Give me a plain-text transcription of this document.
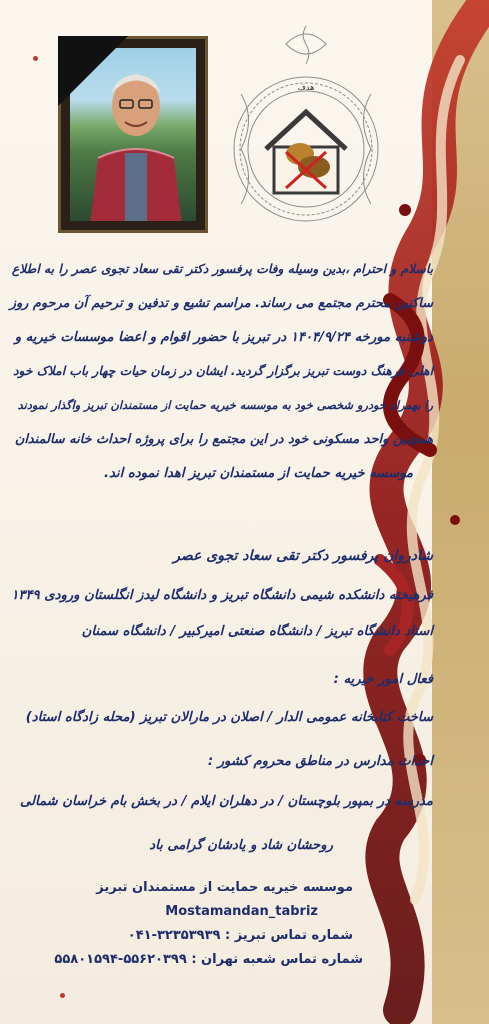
هدف
باسلام و احترام ،بدین وسیله وفات پرفسور دکتر تقی سعاد تجوی عصر را به اطلاع
ساکنین محترم مجتمع می رساند. مراسم تشیع و تدفین و ترحیم آن مرحوم روز
دوشنبه مورخه ۱۴۰۴/۹/۲۴ در تبریز با حضور اقوام و اعضا موسسات خیریه و
اهلی فرهنگ دوست تبریز برگزار گردید. ایشان در زمان حیات چهار باب املاک خود
را بهمراه خودرو شخصی خود به موسسه خیریه حمایت از مستمندان تبریز واگذار نمودند
همچنین واحد مسکونی خود در این مجتمع را برای پروژه احداث خانه سالمندان
موسسه خیریه حمایت از مستمندان تبریز اهدا نموده اند.
شادروان پرفسور دکتر تقی سعاد تجوی عصر
فرهیخته دانشکده شیمی دانشگاه تبریز و دانشگاه لیدز انگلستان ورودی ۱۳۴۹
استاد دانشگاه تبریز / دانشگاه صنعتی امیرکبیر / دانشگاه سمنان
فعال امور خیریه :
ساخت کتابخانه عمومی الدار / اصلان در مارالان تبریز (محله زادگاه استاد)
احداث مدارس در مناطق محروم کشور :
مدرسه در بمپور بلوچستان / در دهلران ایلام / در بخش بام خراسان شمالی
روحشان شاد و یادشان گرامی باد
موسسه خیریه حمایت از مستمندان تبریز
Mostamandan_tabriz
شماره تماس تبریز : ۳۲۳۵۳۹۳۹-۰۴۱
شماره تماس شعبه تهران : ۵۵۶۲۰۳۹۹-۵۵۸۰۱۵۹۴
